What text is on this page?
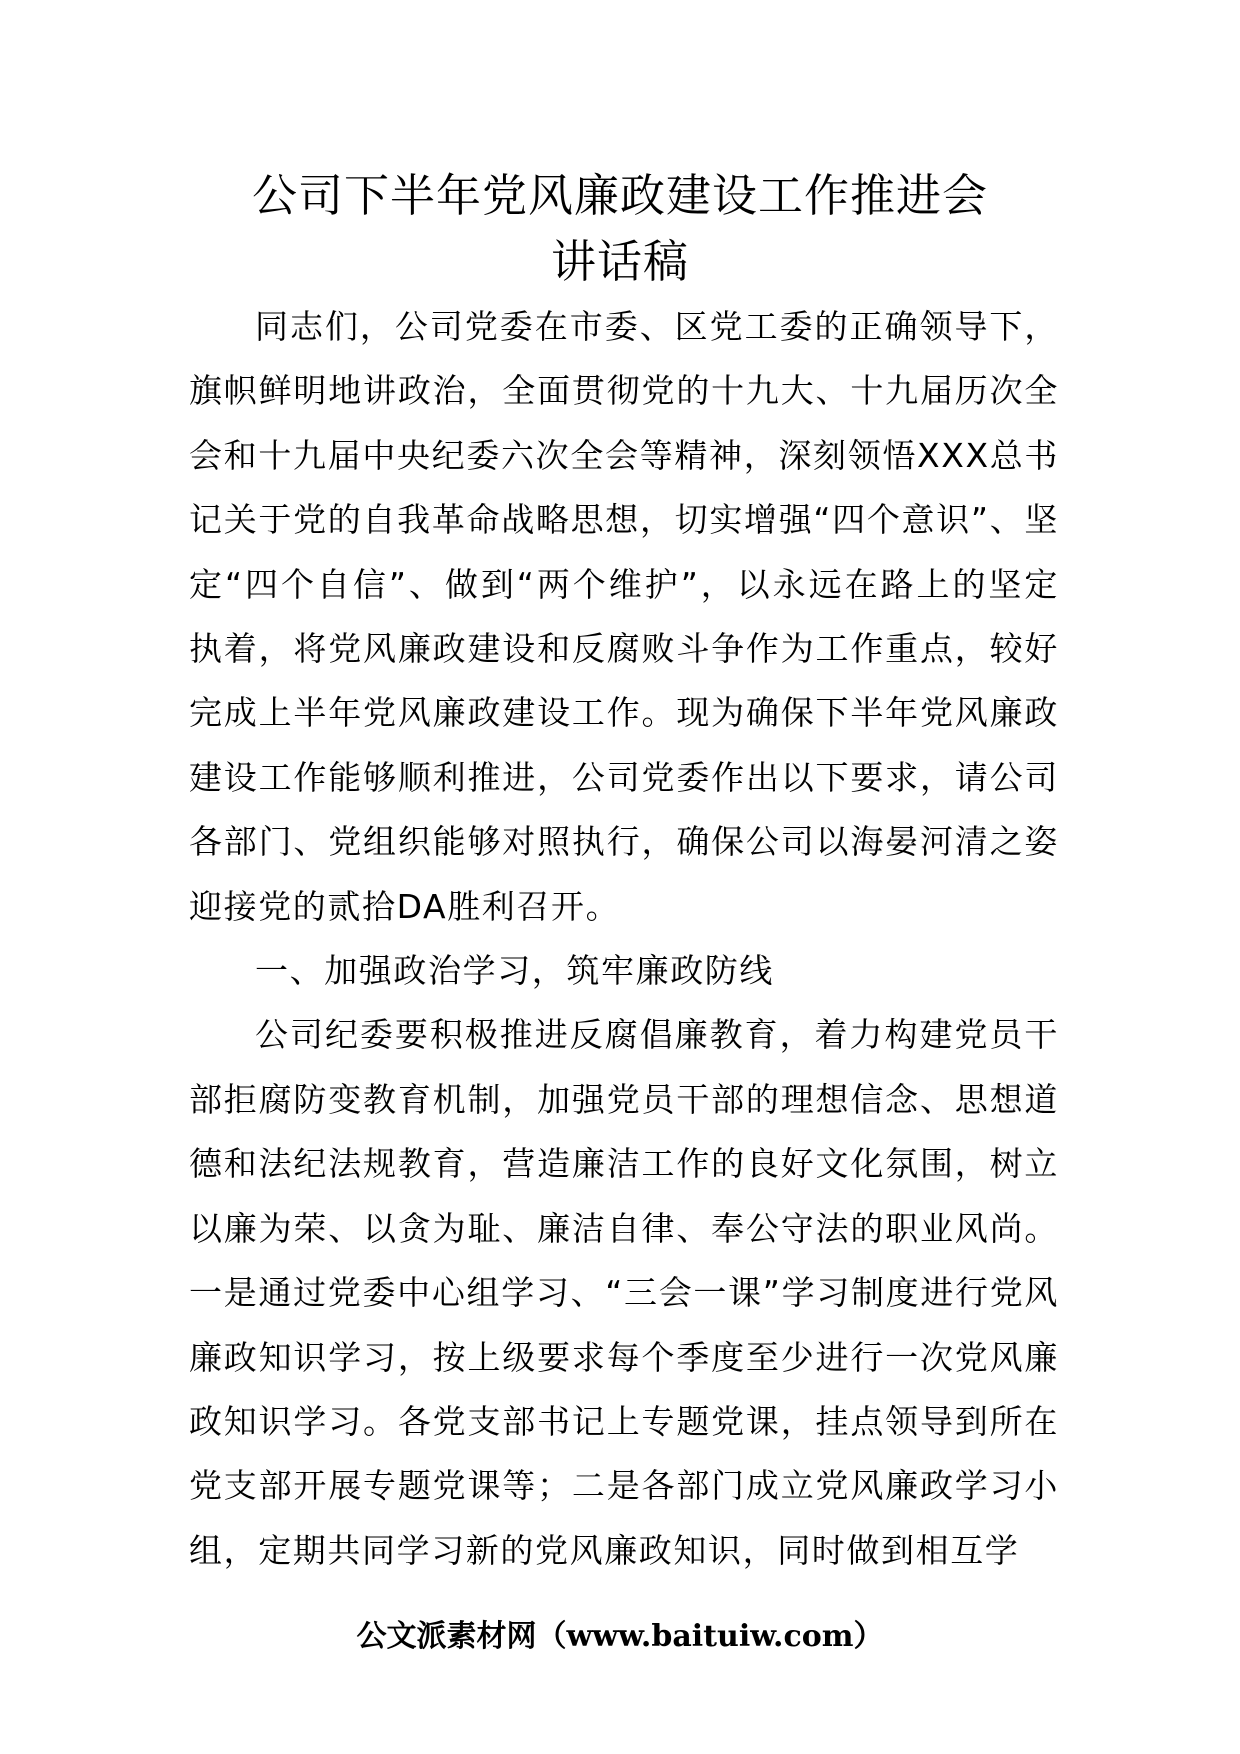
公司下半年党风廉政建设工作推进会
讲话稿

同志们，公司党委在市委、区党工委的正确领导下，旗帜鲜明地讲政治，全面贯彻党的十九大、十九届历次全会和十九届中央纪委六次全会等精神，深刻领悟XXX总书记关于党的自我革命战略思想，切实增强“四个意识”、坚定“四个自信”、做到“两个维护”，以永远在路上的坚定执着，将党风廉政建设和反腐败斗争作为工作重点，较好完成上半年党风廉政建设工作。现为确保下半年党风廉政建设工作能够顺利推进，公司党委作出以下要求，请公司各部门、党组织能够对照执行，确保公司以海晏河清之姿迎接党的贰拾DA胜利召开。

一、加强政治学习，筑牢廉政防线

公司纪委要积极推进反腐倡廉教育，着力构建党员干部拒腐防变教育机制，加强党员干部的理想信念、思想道德和法纪法规教育，营造廉洁工作的良好文化氛围，树立以廉为荣、以贪为耻、廉洁自律、奉公守法的职业风尚。一是通过党委中心组学习、“三会一课”学习制度进行党风廉政知识学习，按上级要求每个季度至少进行一次党风廉政知识学习。各党支部书记上专题党课，挂点领导到所在党支部开展专题党课等；二是各部门成立党风廉政学习小组，定期共同学习新的党风廉政知识，同时做到相互学

公文派素材网（www.baituiw.com）
